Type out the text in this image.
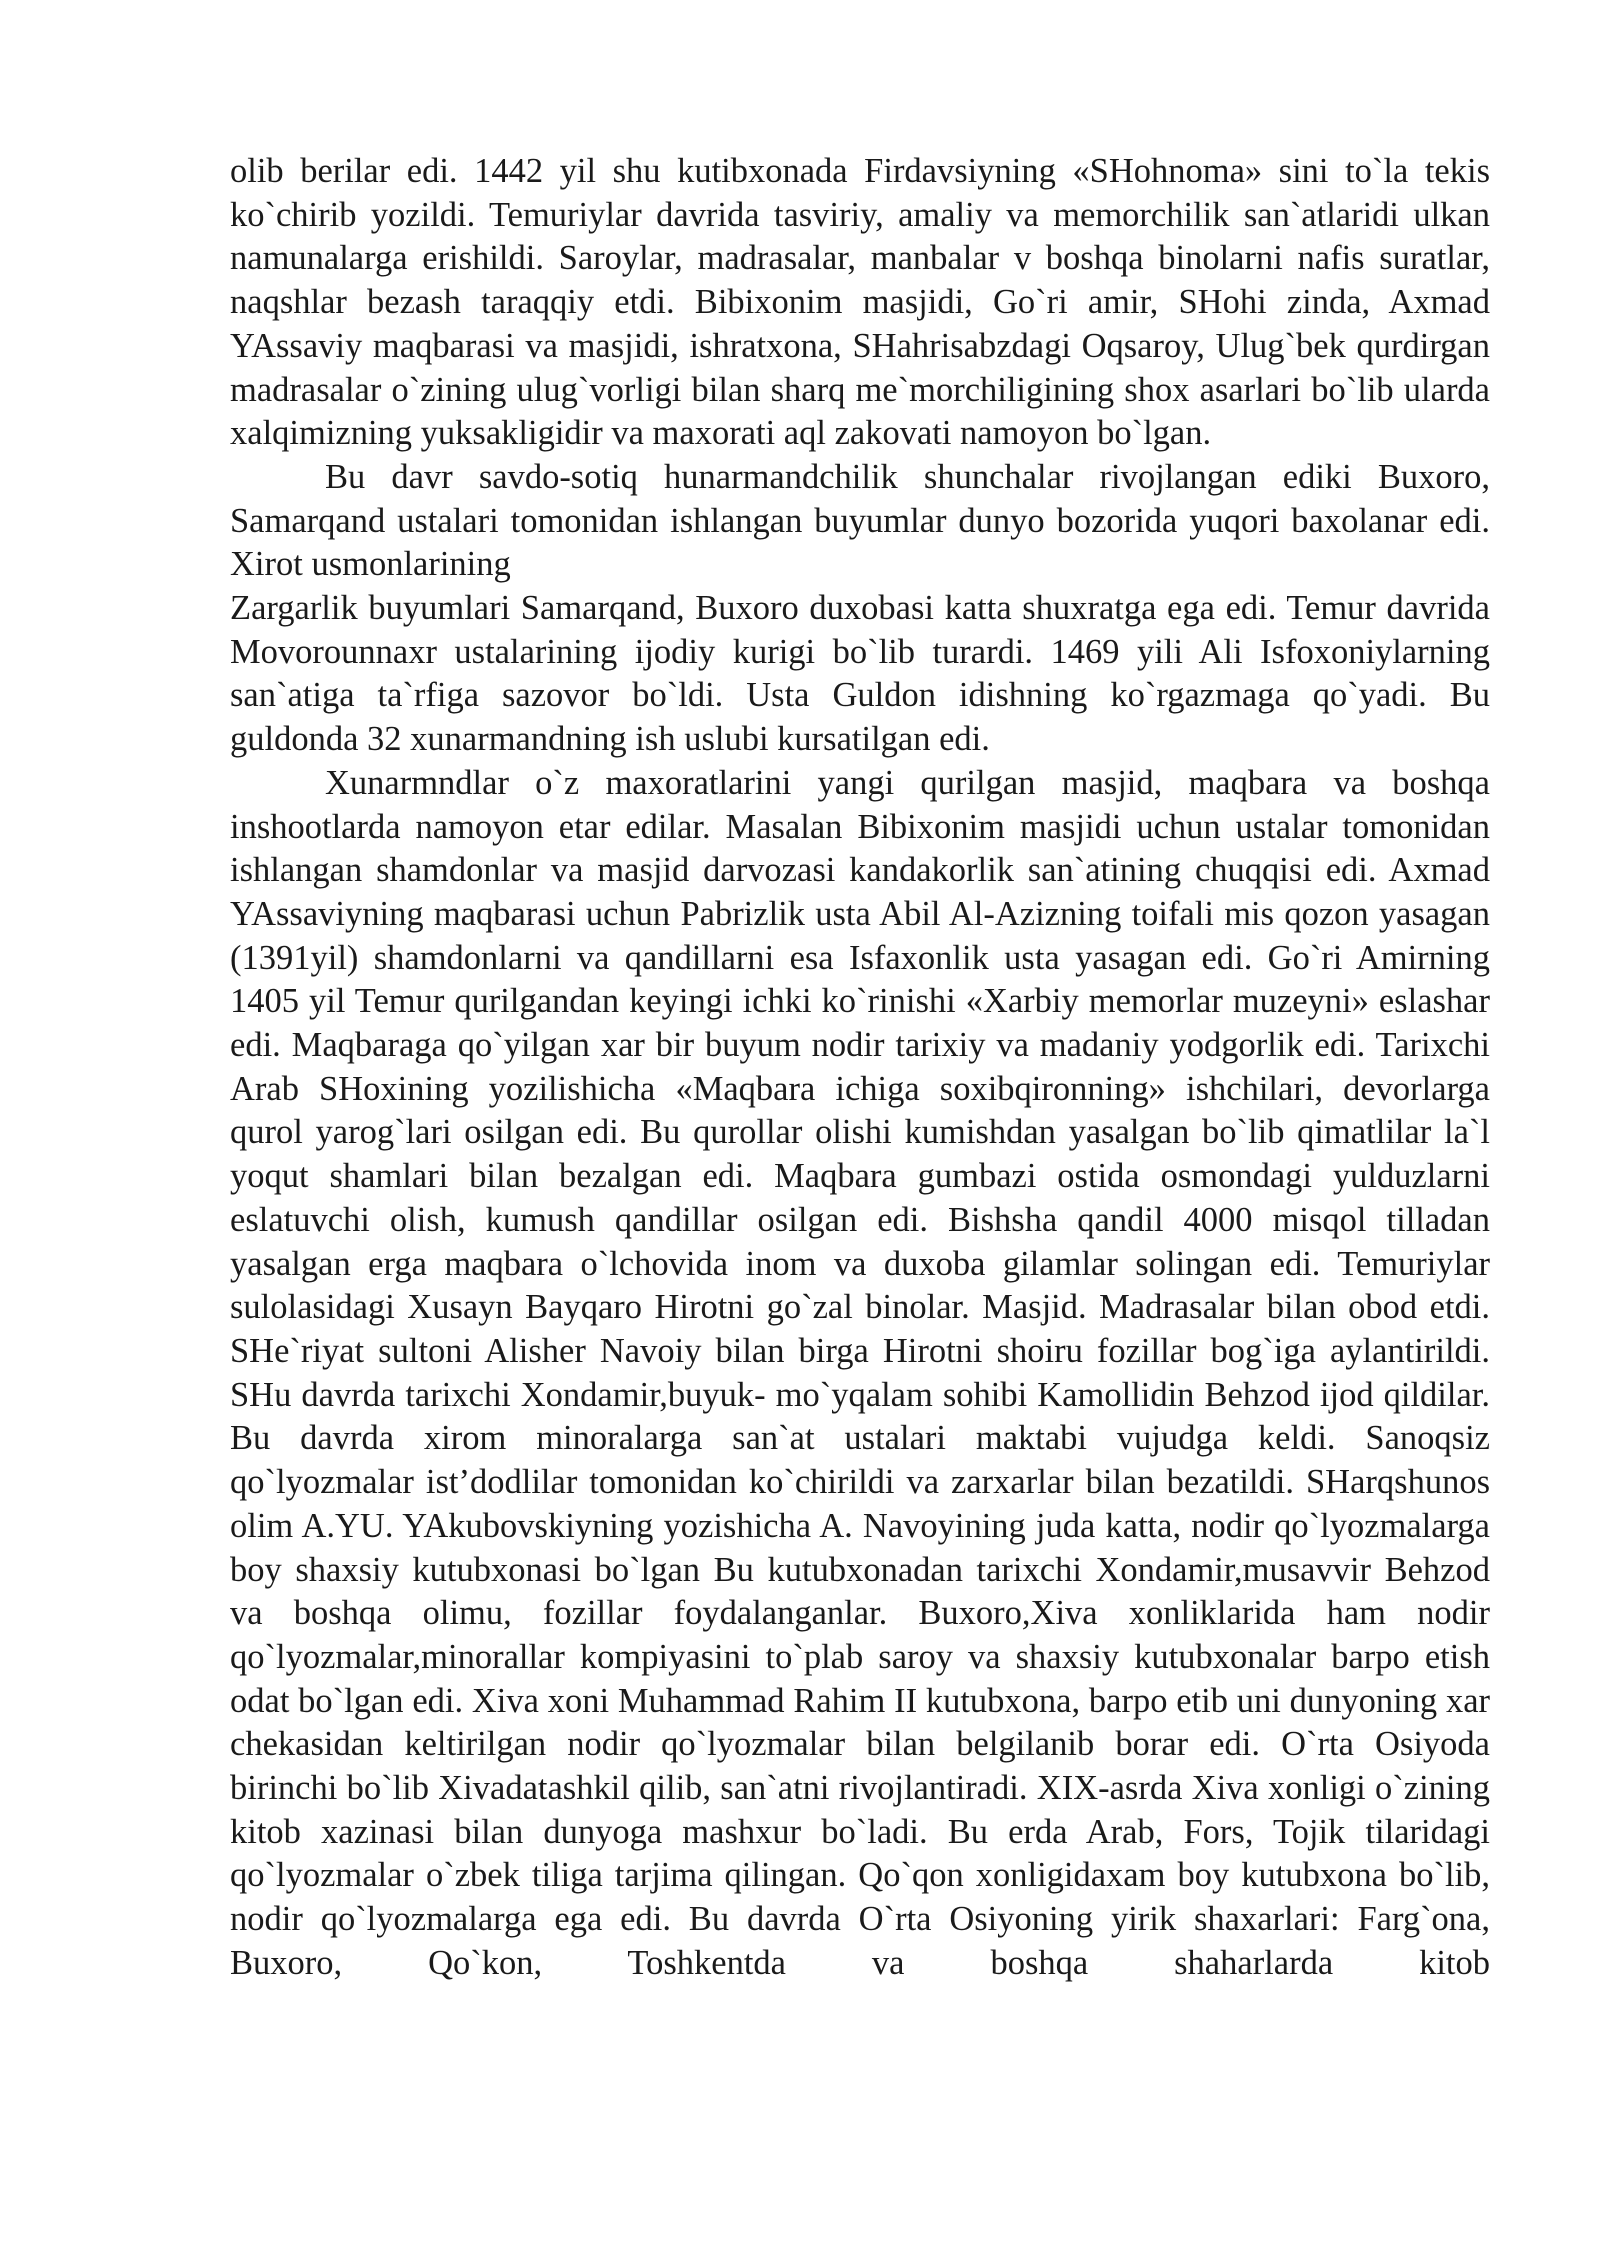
olib berilar edi. 1442 yil shu kutibxonada Firdavsiyning «SHohnoma» sini to`la tekis ko`chirib yozildi. Temuriylar davrida tasviriy, amaliy va memorchilik san`atlaridi ulkan namunalarga erishildi. Saroylar, madrasalar, manbalar v boshqa binolarni nafis suratlar, naqshlar bezash taraqqiy etdi. Bibixonim masjidi, Go`ri amir, SHohi zinda, Axmad YAssaviy maqbarasi va masjidi, ishratxona, SHahrisabzdagi Oqsaroy, Ulug`bek qurdirgan madrasalar o`zining ulug`vorligi bilan sharq me`morchiligining shox asarlari bo`lib ularda xalqimizning yuksakligidir va maxorati aql zakovati namoyon bo`lgan.

Bu davr savdo-sotiq hunarmandchilik shunchalar rivojlangan ediki Buxoro, Samarqand ustalari tomonidan ishlangan buyumlar dunyo bozorida yuqori baxolanar edi. Xirot usmonlarining

Zargarlik buyumlari Samarqand, Buxoro duxobasi katta shuxratga ega edi. Temur davrida Movorounnaxr ustalarining ijodiy kurigi bo`lib turardi. 1469 yili Ali Isfoxoniylarning san`atiga ta`rfiga sazovor bo`ldi. Usta Guldon idishning ko`rgazmaga qo`yadi. Bu guldonda 32 xunarmandning ish uslubi kursatilgan edi.

Xunarmndlar o`z maxoratlarini yangi qurilgan masjid, maqbara va boshqa inshootlarda namoyon etar edilar. Masalan Bibixonim masjidi uchun ustalar tomonidan ishlangan shamdonlar va masjid darvozasi kandakorlik san`atining chuqqisi edi. Axmad YAssaviyning maqbarasi uchun Pabrizlik usta Abil Al-Azizning toifali mis qozon yasagan (1391yil) shamdonlarni va qandillarni esa Isfaxonlik usta yasagan edi. Go`ri Amirning 1405 yil Temur qurilgandan keyingi ichki ko`rinishi «Xarbiy memorlar muzeyni» eslashar edi. Maqbaraga qo`yilgan xar bir buyum nodir tarixiy va madaniy yodgorlik edi. Tarixchi Arab SHoxining yozilishicha «Maqbara ichiga soxibqironning» ishchilari, devorlarga qurol yarog`lari osilgan edi. Bu qurollar olishi kumishdan yasalgan bo`lib qimatlilar la`l yoqut shamlari bilan bezalgan edi. Maqbara gumbazi ostida osmondagi yulduzlarni eslatuvchi olish, kumush qandillar osilgan edi. Bishsha qandil 4000 misqol tilladan yasalgan erga maqbara o`lchovida inom va duxoba gilamlar solingan edi. Temuriylar sulolasidagi Xusayn Bayqaro Hirotni go`zal binolar. Masjid. Madrasalar bilan obod etdi. SHe`riyat sultoni Alisher Navoiy bilan birga Hirotni shoiru fozillar bog`iga aylantirildi. SHu davrda tarixchi Xondamir,buyuk- mo`yqalam sohibi Kamollidin Behzod ijod qildilar. Bu davrda xirom minoralarga san`at ustalari maktabi vujudga keldi. Sanoqsiz qo`lyozmalar ist’dodlilar tomonidan ko`chirildi va zarxarlar bilan bezatildi. SHarqshunos olim A.YU. YAkubovskiyning yozishicha A. Navoyining juda katta, nodir qo`lyozmalarga boy shaxsiy kutubxonasi bo`lgan Bu kutubxonadan tarixchi Xondamir,musavvir Behzod va boshqa olimu, fozillar foydalanganlar. Buxoro,Xiva xonliklarida ham nodir qo`lyozmalar,minorallar kompiyasini to`plab saroy va shaxsiy kutubxonalar barpo etish odat bo`lgan edi. Xiva xoni Muhammad Rahim II kutubxona, barpo etib uni dunyoning xar chekasidan keltirilgan nodir qo`lyozmalar bilan belgilanib borar edi. O`rta Osiyoda birinchi bo`lib Xivadatashkil qilib, san`atni rivojlantiradi. XIX-asrda Xiva xonligi o`zining kitob xazinasi bilan dunyoga mashxur bo`ladi. Bu erda Arab, Fors, Tojik tilaridagi qo`lyozmalar o`zbek tiliga tarjima qilingan. Qo`qon xonligidaxam boy kutubxona bo`lib, nodir qo`lyozmalarga ega edi. Bu davrda O`rta Osiyoning yirik shaxarlari: Farg`ona, Buxoro, Qo`kon, Toshkentda va boshqa shaharlarda kitob
